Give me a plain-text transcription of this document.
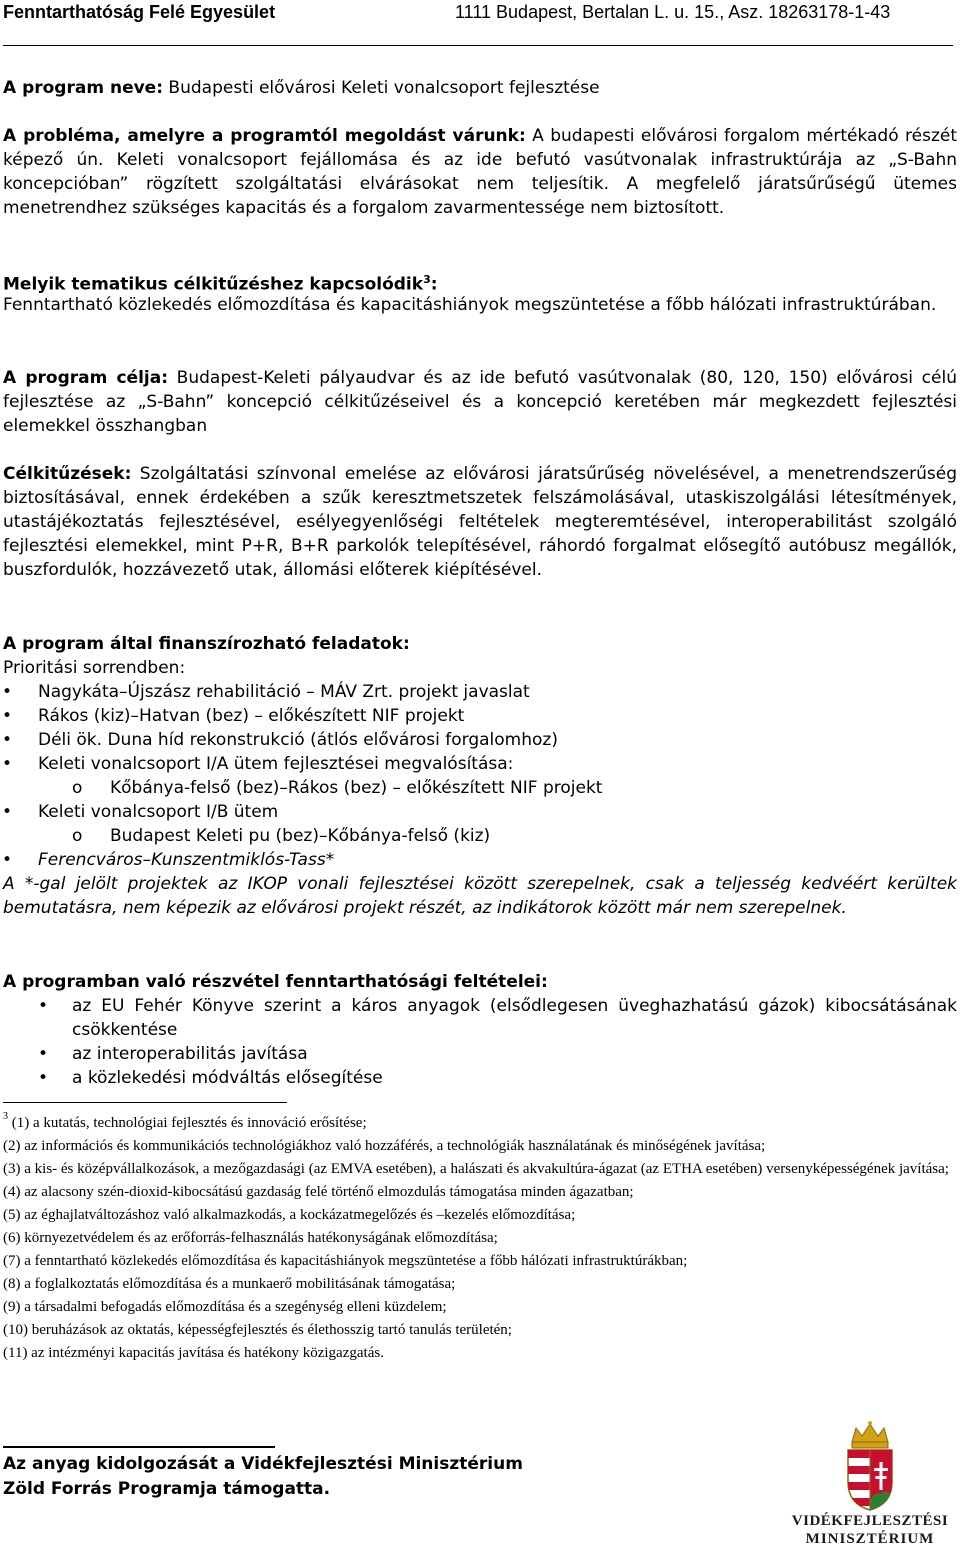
Fenntarthatóság Felé Egyesület	1111 Budapest, Bertalan L. u. 15., Asz. 18263178-1-43

A program neve: Budapesti elővárosi Keleti vonalcsoport fejlesztése

A probléma, amelyre a programtól megoldást várunk: A budapesti elővárosi forgalom mértékadó részét képező ún. Keleti vonalcsoport fejállomása és az ide befutó vasútvonalak infrastruktúrája az „S-Bahn koncepcióban” rögzített szolgáltatási elvárásokat nem teljesítik. A megfelelő járatsűrűségű ütemes menetrendhez szükséges kapacitás és a forgalom zavarmentessége nem biztosított.

Melyik tematikus célkitűzéshez kapcsolódik$^3$:

Fenntartható közlekedés előmozdítása és kapacitáshiányok megszüntetése a főbb hálózati infrastruktúrában.

A program célja: Budapest-Keleti pályaudvar és az ide befutó vasútvonalak (80, 120, 150) elővárosi célú fejlesztése az „S-Bahn” koncepció célkitűzéseivel és a koncepció keretében már megkezdett fejlesztési elemekkel összhangban

Célkitűzések: Szolgáltatási színvonal emelése az elővárosi járatsűrűség növelésével, a menetrendszerűség biztosításával, ennek érdekében a szűk keresztmetszetek felszámolásával, utaskiszolgálási létesítmények, utastájékoztatás fejlesztésével, esélyegyenlőségi feltételek megteremtésével, interoperabilitást szolgáló fejlesztési elemekkel, mint P+R, B+R parkolók telepítésével, ráhordó forgalmat elősegítő autóbusz megállók, buszfordulók, hozzávezető utak, állomási előterek kiépítésével.

A program által finanszírozható feladatok:

Prioritási sorrendben:

• Nagykáta–Újszász rehabilitáció – MÁV Zrt. projekt javaslat
• Rákos (kiz)–Hatvan (bez) – előkészített NIF projekt
• Déli ök. Duna híd rekonstrukció (átlós elővárosi forgalomhoz)
• Keleti vonalcsoport I/A ütem fejlesztései megvalósítása:
o Kőbánya-felső (bez)–Rákos (bez) – előkészített NIF projekt
• Keleti vonalcsoport I/B ütem
o Budapest Keleti pu (bez)–Kőbánya-felső (kiz)
• Ferencváros–Kunszentmiklós-Tass*

A *-gal jelölt projektek az IKOP vonali fejlesztései között szerepelnek, csak a teljesség kedvéért kerültek bemutatásra, nem képezik az elővárosi projekt részét, az indikátorok között már nem szerepelnek.

A programban való részvétel fenntarthatósági feltételei:

• az EU Fehér Könyve szerint a káros anyagok (elsődlegesen üveghazhatású gázok) kibocsátásának csökkentése
• az interoperabilitás javítása
• a közlekedési módváltás elősegítése
$^3$ (1) a kutatás, technológiai fejlesztés és innováció erősítése;
(2) az információs és kommunikációs technológiákhoz való hozzáférés, a technológiák használatának és minőségének javítása;
(3) a kis- és középvállalkozások, a mezőgazdasági (az EMVA esetében), a halászati és akvakultúra-ágazat (az ETHA esetében) versenyképességének javítása;
(4) az alacsony szén-dioxid-kibocsátású gazdaság felé történő elmozdulás támogatása minden ágazatban;
(5) az éghajlatváltozáshoz való alkalmazkodás, a kockázatmegelőzés és –kezelés előmozdítása;
(6) környezetvédelem és az erőforrás-felhasználás hatékonyságának előmozdítása;
(7) a fenntartható közlekedés előmozdítása és kapacitáshiányok megszüntetése a főbb hálózati infrastruktúrákban;
(8) a foglalkoztatás előmozdítása és a munkaerő mobilitásának támogatása;
(9) a társadalmi befogadás előmozdítása és a szegénység elleni küzdelem;
(10) beruházások az oktatás, képességfejlesztés és élethosszig tartó tanulás területén;
(11) az intézményi kapacitás javítása és hatékony közigazgatás.
Az anyag kidolgozását a Vidékfejlesztési Minisztérium
Zöld Forrás Programja támogatta.
VIDÉKFEJLESZTÉSI
MINISZTÉRIUM
